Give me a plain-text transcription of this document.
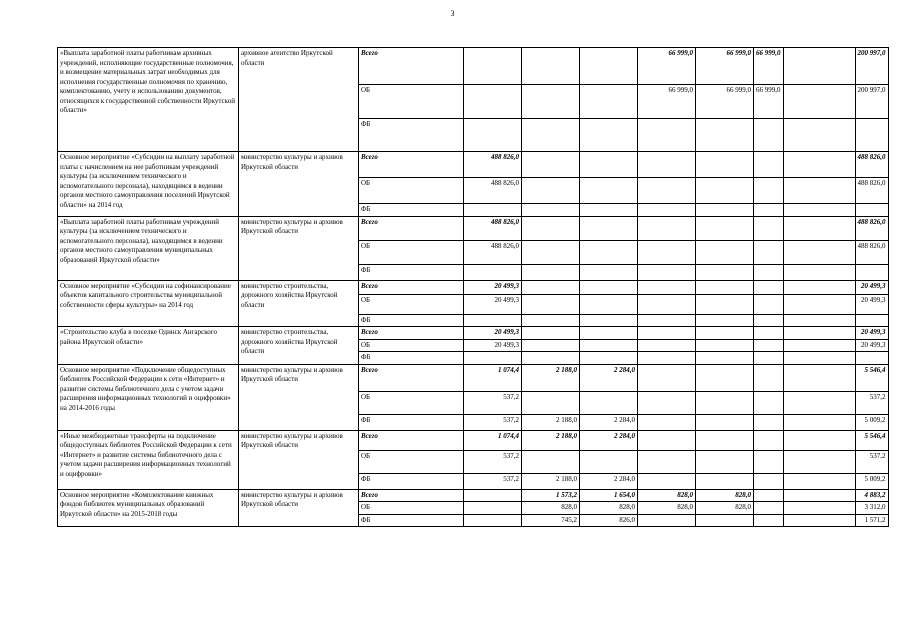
3
«Выплата заработной платы работникам архивных учреждений, исполняющие государственные полномочия, и возмещение материальных затрат необходимых для исполнения государственные полномочия по хранению, комплектованию, учету и использованию документов, относящихся к государственной собственности Иркутской области»	архивное агентство Иркутской области	Всего				66 999,0	66 999,0	66 999,0		200 997,0
		ОБ				66 999,0	66 999,0	66 999,0		200 997,0
		ФБ								
Основное мероприятие «Субсидии на выплату заработной платы с начислением на нее работникам учреждений культуры (за исключением технического и вспомогательного персонала), находящимся в ведении органов местного самоуправления поселений Иркутской области» на 2014 год	министерство культуры и архивов Иркутской области	Всего	488 826,0							488 826,0
		ОБ	488 826,0							488 826,0
		ФБ								
«Выплата заработной платы работникам учреждений культуры (за исключением технического и вспомогательного персонала), находящимся в ведении органов местного самоуправления муниципальных образований Иркутской области»	министерство культуры и архивов Иркутской области	Всего	488 826,0							488 826,0
		ОБ	488 826,0							488 826,0
		ФБ								
Основное мероприятие «Субсидии на софинансирование объектов капитального строительства муниципальной собственности сферы культуры» на 2014 год	министерство строительства, дорожного хозяйства Иркутской области	Всего	20 499,3							20 499,3
		ОБ	20 499,3							20 499,3
		ФБ								
«Строительство клуба в поселке Одинск Ангарского района Иркутской области»	министерство строительства, дорожного хозяйства Иркутской области	Всего	20 499,3							20 499,3
		ОБ	20 499,3							20 499,3
		ФБ								
Основное мероприятие «Подключение общедоступных библиотек Российской Федерации к сети «Интернет» и развитие системы библиотечного дела с учетом задачи расширения информационных технологий и оцифровки» на 2014-2016 годы	министерство культуры и архивов Иркутской области	Всего	1 074,4	2 188,0	2 284,0					5 546,4
		ОБ	537,2							537,2
		ФБ	537,2	2 188,0	2 284,0					5 009,2
«Иные межбюджетные трансферты на подключение общедоступных библиотек Российской Федерации к сети «Интернет» и развитие системы библиотечного дела с учетом задачи расширения информационных технологий и оцифровки»	министерство культуры и архивов Иркутской области	Всего	1 074,4	2 188,0	2 284,0					5 546,4
		ОБ	537,2							537,2
		ФБ	537,2	2 188,0	2 284,0					5 009,2
Основное мероприятие «Комплектование книжных фондов библиотек муниципальных образований Иркутской области» на 2015-2018 годы	министерство культуры и архивов Иркутской области	Всего		1 573,2	1 654,0	828,0	828,0			4 883,2
		ОБ		828,0	828,0	828,0	828,0			3 312,0
		ФБ		745,2	826,0					1 571,2
